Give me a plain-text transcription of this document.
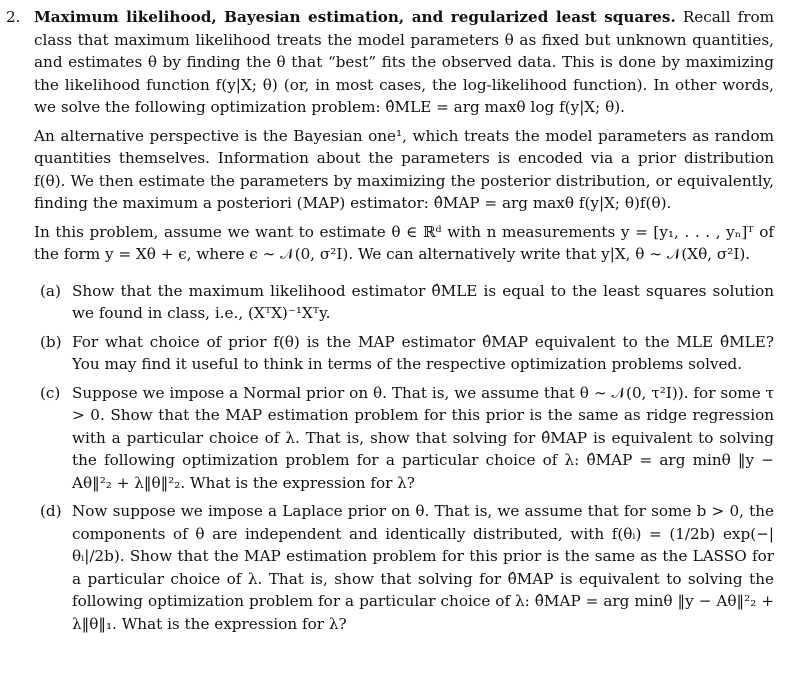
2. Maximum likelihood, Bayesian estimation, and regularized least squares. Recall from class that maximum likelihood treats the model parameters θ as fixed but unknown quantities, and estimates θ by finding the θ that “best” fits the observed data. This is done by maximizing the likelihood function f(y|X; θ) (or, in most cases, the log-likelihood function). In other words, we solve the following optimization problem: θ̂MLE = arg maxθ log f(y|X; θ).
An alternative perspective is the Bayesian one¹, which treats the model parameters as random quantities themselves. Information about the parameters is encoded via a prior distribution f(θ). We then estimate the parameters by maximizing the posterior distribution, or equivalently, finding the maximum a posteriori (MAP) estimator: θ̂MAP = arg maxθ f(y|X; θ)f(θ).
In this problem, assume we want to estimate θ ∈ ℝᵈ with n measurements y = [y₁, . . . , yₙ]ᵀ of the form y = Xθ + ϵ, where ϵ ∼ 𝒩(0, σ²I). We can alternatively write that y|X, θ ∼ 𝒩(Xθ, σ²I).
(a) Show that the maximum likelihood estimator θ̂MLE is equal to the least squares solution we found in class, i.e., (XᵀX)⁻¹Xᵀy.
(b) For what choice of prior f(θ) is the MAP estimator θ̂MAP equivalent to the MLE θ̂MLE? You may find it useful to think in terms of the respective optimization problems solved.
(c) Suppose we impose a Normal prior on θ. That is, we assume that θ ∼ 𝒩(0, τ²I)). for some τ > 0. Show that the MAP estimation problem for this prior is the same as ridge regression with a particular choice of λ. That is, show that solving for θ̂MAP is equivalent to solving the following optimization problem for a particular choice of λ: θ̂MAP = arg minθ ‖y − Aθ‖²₂ + λ‖θ‖²₂. What is the expression for λ?
(d) Now suppose we impose a Laplace prior on θ. That is, we assume that for some b > 0, the components of θ are independent and identically distributed, with f(θᵢ) = (1/2b) exp(−|θᵢ|/2b). Show that the MAP estimation problem for this prior is the same as the LASSO for a particular choice of λ. That is, show that solving for θ̂MAP is equivalent to solving the following optimization problem for a particular choice of λ: θ̂MAP = arg minθ ‖y − Aθ‖²₂ + λ‖θ‖₁. What is the expression for λ?
